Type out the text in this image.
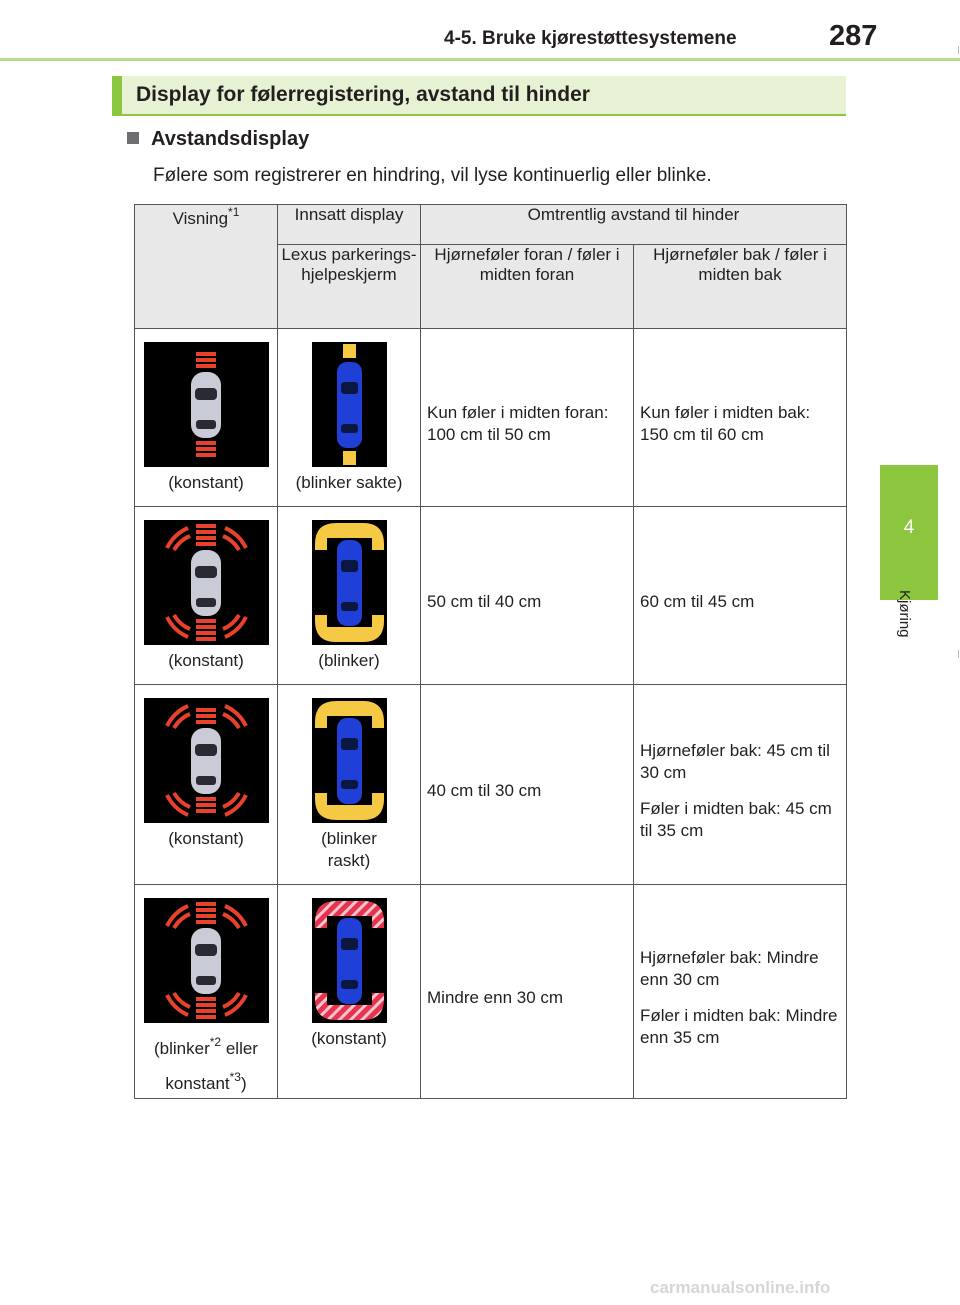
4-5. Bruke kjørestøttesystemene	287
4
Kjøring
Display for følerregistering, avstand til hinder
Avstandsdisplay
Følere som registrerer en hindring, vil lyse kontinuerlig eller blinke.
Visning$^{*1}$	Innsatt display	Omtrentlig avstand til hinder	
	Lexus parkerings-hjelpeskjerm	Hjørneføler foran / føler i midten foran	Hjørneføler bak / føler i midten bak

(konstant)	(blinker sakte)	Kun føler i midten foran: 100 cm til 50 cm	Kun føler i midten bak: 150 cm til 60 cm

(konstant)	(blinker)	50 cm til 40 cm	60 cm til 45 cm

(konstant)	(blinker raskt)	40 cm til 30 cm	Hjørneføler bak: 45 cm til 30 cm
Føler i midten bak: 45 cm til 35 cm

(blinker$^{*2}$ eller konstant$^{*3}$)	(konstant)	Mindre enn 30 cm	Hjørneføler bak: Mindre enn 30 cm
Føler i midten bak: Mindre enn 35 cm
carmanualsonline.info
